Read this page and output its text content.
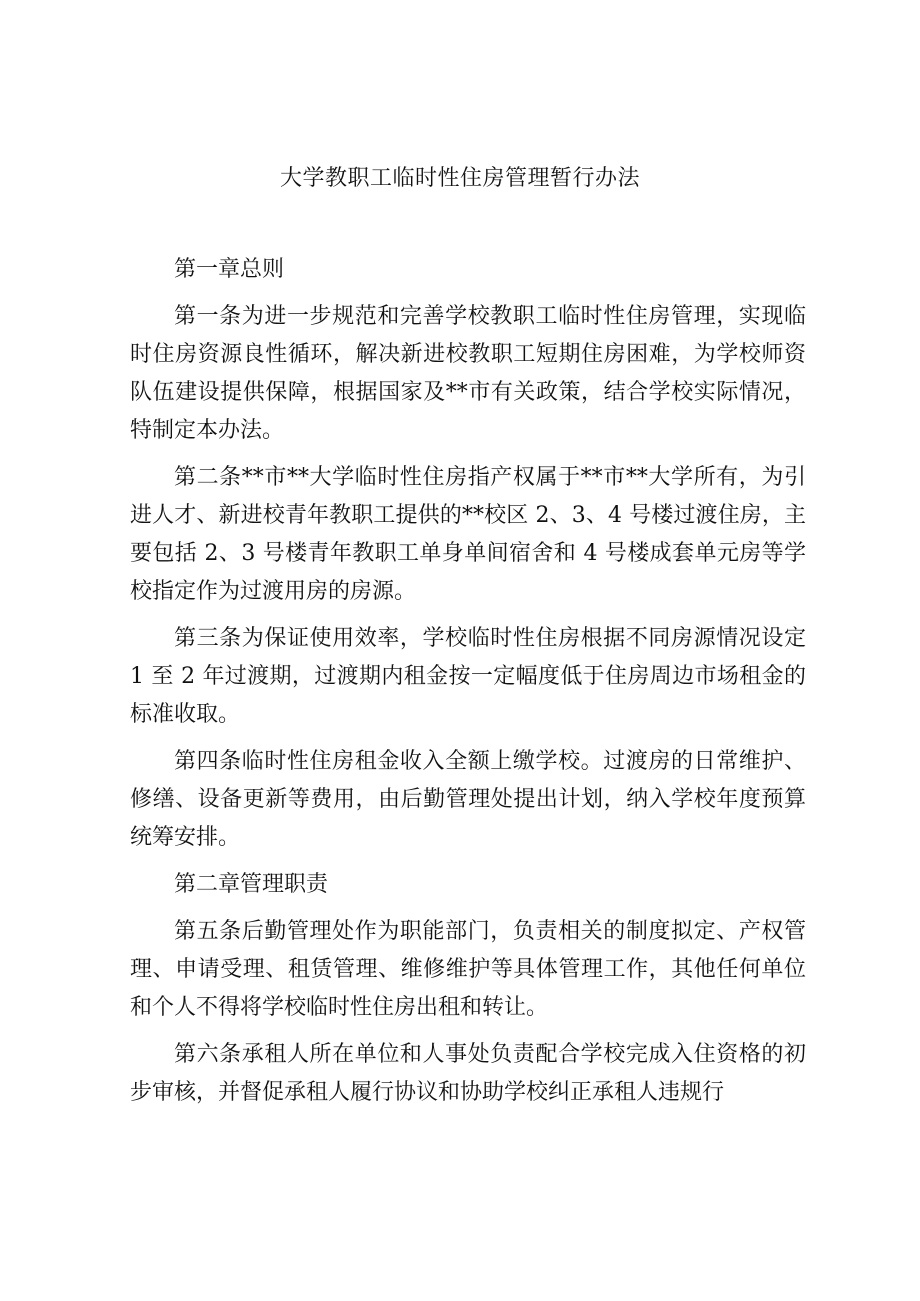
大学教职工临时性住房管理暂行办法

第一章总则

第一条为进一步规范和完善学校教职工临时性住房管理，实现临时住房资源良性循环，解决新进校教职工短期住房困难，为学校师资队伍建设提供保障，根据国家及**市有关政策，结合学校实际情况，特制定本办法。

第二条**市**大学临时性住房指产权属于**市**大学所有，为引进人才、新进校青年教职工提供的**校区 2、3、4 号楼过渡住房，主要包括 2、3 号楼青年教职工单身单间宿舍和 4 号楼成套单元房等学校指定作为过渡用房的房源。

第三条为保证使用效率，学校临时性住房根据不同房源情况设定 1 至 2 年过渡期，过渡期内租金按一定幅度低于住房周边市场租金的标准收取。

第四条临时性住房租金收入全额上缴学校。过渡房的日常维护、修缮、设备更新等费用，由后勤管理处提出计划，纳入学校年度预算统筹安排。

第二章管理职责

第五条后勤管理处作为职能部门，负责相关的制度拟定、产权管理、申请受理、租赁管理、维修维护等具体管理工作，其他任何单位和个人不得将学校临时性住房出租和转让。

第六条承租人所在单位和人事处负责配合学校完成入住资格的初步审核，并督促承租人履行协议和协助学校纠正承租人违规行
